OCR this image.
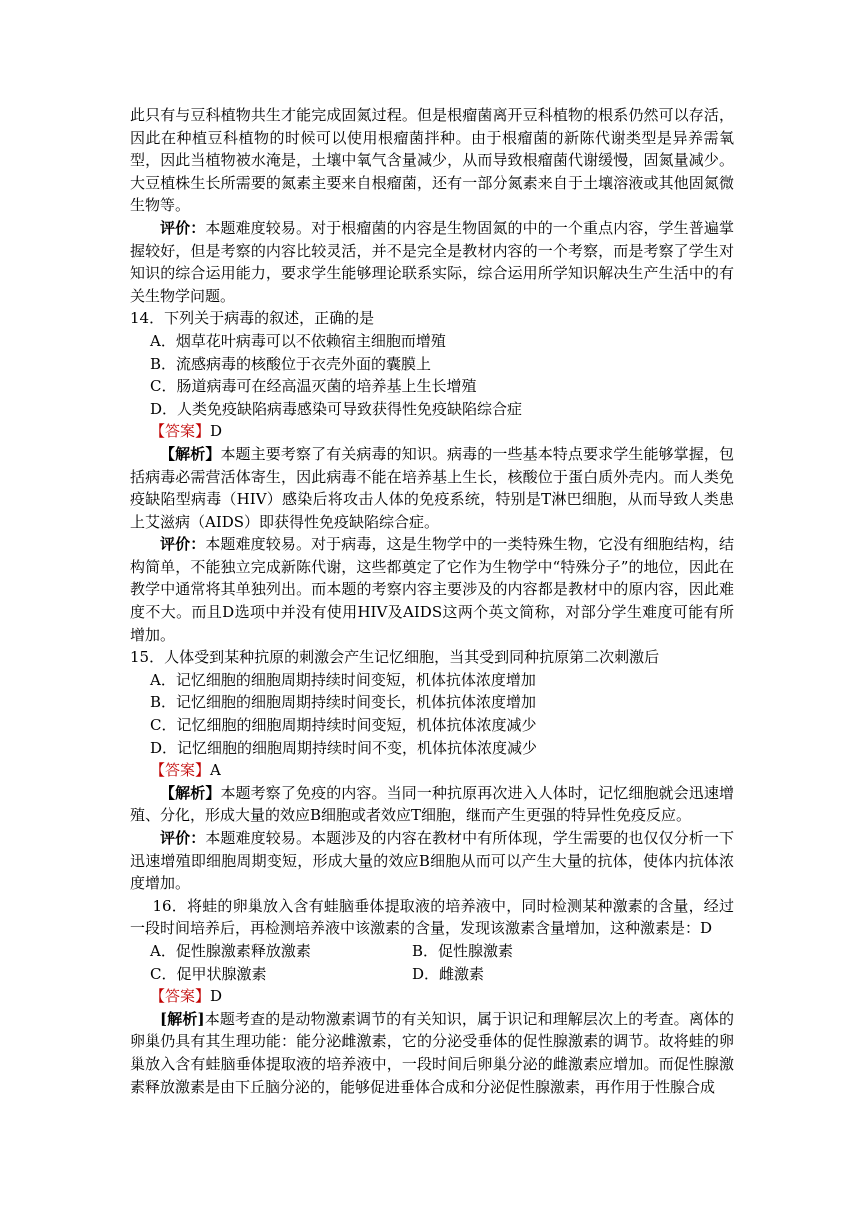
此只有与豆科植物共生才能完成固氮过程。但是根瘤菌离开豆科植物的根系仍然可以存活，因此在种植豆科植物的时候可以使用根瘤菌拌种。由于根瘤菌的新陈代谢类型是异养需氧型，因此当植物被水淹是，土壤中氧气含量减少，从而导致根瘤菌代谢缓慢，固氮量减少。大豆植株生长所需要的氮素主要来自根瘤菌，还有一部分氮素来自于土壤溶液或其他固氮微生物等。

评价：本题难度较易。对于根瘤菌的内容是生物固氮的中的一个重点内容，学生普遍掌握较好，但是考察的内容比较灵活，并不是完全是教材内容的一个考察，而是考察了学生对知识的综合运用能力，要求学生能够理论联系实际，综合运用所学知识解决生产生活中的有关生物学问题。

14．下列关于病毒的叙述，正确的是

A．烟草花叶病毒可以不依赖宿主细胞而增殖

B．流感病毒的核酸位于衣壳外面的囊膜上

C．肠道病毒可在经高温灭菌的培养基上生长增殖

D．人类免疫缺陷病毒感染可导致获得性免疫缺陷综合症

【答案】D

【解析】本题主要考察了有关病毒的知识。病毒的一些基本特点要求学生能够掌握，包括病毒必需营活体寄生，因此病毒不能在培养基上生长，核酸位于蛋白质外壳内。而人类免疫缺陷型病毒（HIV）感染后将攻击人体的免疫系统，特别是T淋巴细胞，从而导致人类患上艾滋病（AIDS）即获得性免疫缺陷综合症。

评价：本题难度较易。对于病毒，这是生物学中的一类特殊生物，它没有细胞结构，结构简单，不能独立完成新陈代谢，这些都奠定了它作为生物学中“特殊分子”的地位，因此在教学中通常将其单独列出。而本题的考察内容主要涉及的内容都是教材中的原内容，因此难度不大。而且D选项中并没有使用HIV及AIDS这两个英文简称，对部分学生难度可能有所增加。

15．人体受到某种抗原的刺激会产生记忆细胞，当其受到同种抗原第二次刺激后

A．记忆细胞的细胞周期持续时间变短，机体抗体浓度增加

B．记忆细胞的细胞周期持续时间变长，机体抗体浓度增加

C．记忆细胞的细胞周期持续时间变短，机体抗体浓度减少

D．记忆细胞的细胞周期持续时间不变，机体抗体浓度减少

【答案】A

【解析】本题考察了免疫的内容。当同一种抗原再次进入人体时，记忆细胞就会迅速增殖、分化，形成大量的效应B细胞或者效应T细胞，继而产生更强的特异性免疫反应。

评价：本题难度较易。本题涉及的内容在教材中有所体现，学生需要的也仅仅分析一下迅速增殖即细胞周期变短，形成大量的效应B细胞从而可以产生大量的抗体，使体内抗体浓度增加。

16．将蛙的卵巢放入含有蛙脑垂体提取液的培养液中，同时检测某种激素的含量，经过一段时间培养后，再检测培养液中该激素的含量，发现该激素含量增加，这种激素是：D

A．促性腺激素释放激素	B．促性腺激素
C．促甲状腺激素	D．雌激素

【答案】D

[解析]本题考查的是动物激素调节的有关知识，属于识记和理解层次上的考查。离体的卵巢仍具有其生理功能：能分泌雌激素，它的分泌受垂体的促性腺激素的调节。故将蛙的卵巢放入含有蛙脑垂体提取液的培养液中，一段时间后卵巢分泌的雌激素应增加。而促性腺激素释放激素是由下丘脑分泌的，能够促进垂体合成和分泌促性腺激素，再作用于性腺合成
